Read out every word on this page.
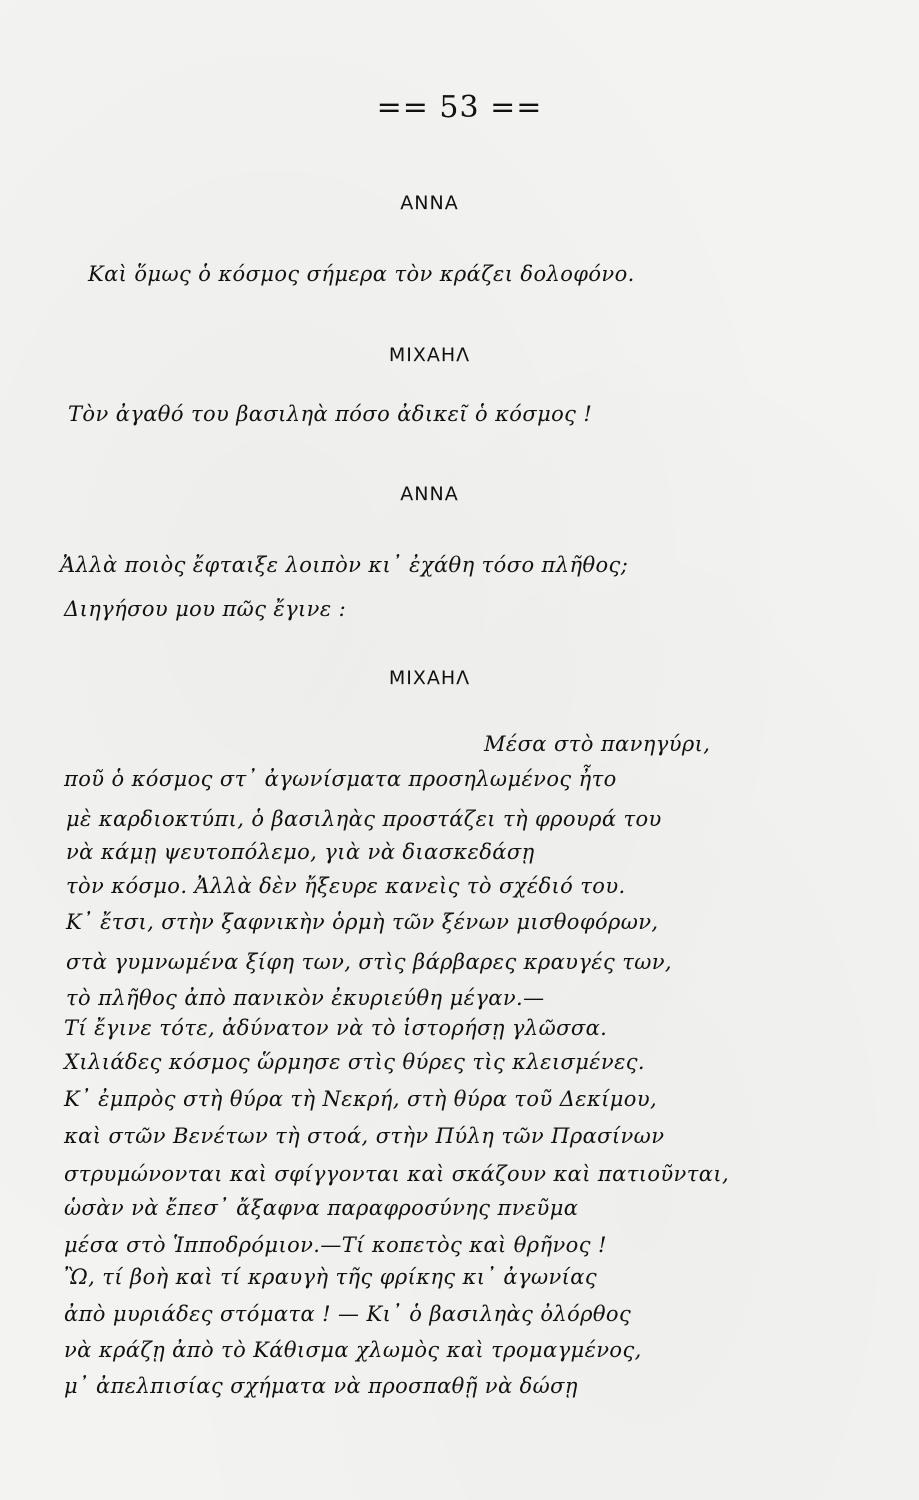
== 53 ==
ΑΝΝΑ
Καὶ ὅμως ὁ κόσμος σήμερα τὸν κράζει δολοφόνο.
ΜΙΧΑΗΛ
Τὸν ἀγαθό του βασιληὰ πόσο ἀδικεῖ ὁ κόσμος !
ΑΝΝΑ
Ἀλλὰ ποιὸς ἔφταιξε λοιπὸν κι᾽ ἐχάθη τόσο πλῆθος;
Διηγήσου μου πῶς ἔγινε :
ΜΙΧΑΗΛ
Μέσα στὸ πανηγύρι,
ποῦ ὁ κόσμος στ᾽ ἀγωνίσματα προσηλωμένος ἦτο
μὲ καρδιοκτύπι, ὁ βασιληὰς προστάζει τὴ φρουρά του
νὰ κάμῃ ψευτοπόλεμο, γιὰ νὰ διασκεδάσῃ
τὸν κόσμο. Ἀλλὰ δὲν ἤξευρε κανεὶς τὸ σχέδιό του.
Κ᾽ ἔτσι, στὴν ξαφνικὴν ὁρμὴ τῶν ξένων μισθοφόρων,
στὰ γυμνωμένα ξίφη των, στὶς βάρβαρες κραυγές των,
τὸ πλῆθος ἀπὸ πανικὸν ἐκυριεύθη μέγαν.—
Τί ἔγινε τότε, ἀδύνατον νὰ τὸ ἱστορήσῃ γλῶσσα.
Χιλιάδες κόσμος ὥρμησε στὶς θύρες τὶς κλεισμένες.
Κ᾽ ἐμπρὸς στὴ θύρα τὴ Νεκρή, στὴ θύρα τοῦ Δεκίμου,
καὶ στῶν Βενέτων τὴ στοά, στὴν Πύλη τῶν Πρασίνων
στρυμώνονται καὶ σφίγγονται καὶ σκάζουν καὶ πατιοῦνται,
ὡσὰν νὰ ἔπεσ᾽ ἄξαφνα παραφροσύνης πνεῦμα
μέσα στὸ Ἱπποδρόμιον.—Τί κοπετὸς καὶ θρῆνος !
Ὢ, τί βοὴ καὶ τί κραυγὴ τῆς φρίκης κι᾽ ἀγωνίας
ἀπὸ μυριάδες στόματα ! — Κι᾽ ὁ βασιληὰς ὀλόρθος
νὰ κράζῃ ἀπὸ τὸ Κάθισμα χλωμὸς καὶ τρομαγμένος,
μ᾽ ἀπελπισίας σχήματα νὰ προσπαθῇ νὰ δώσῃ
